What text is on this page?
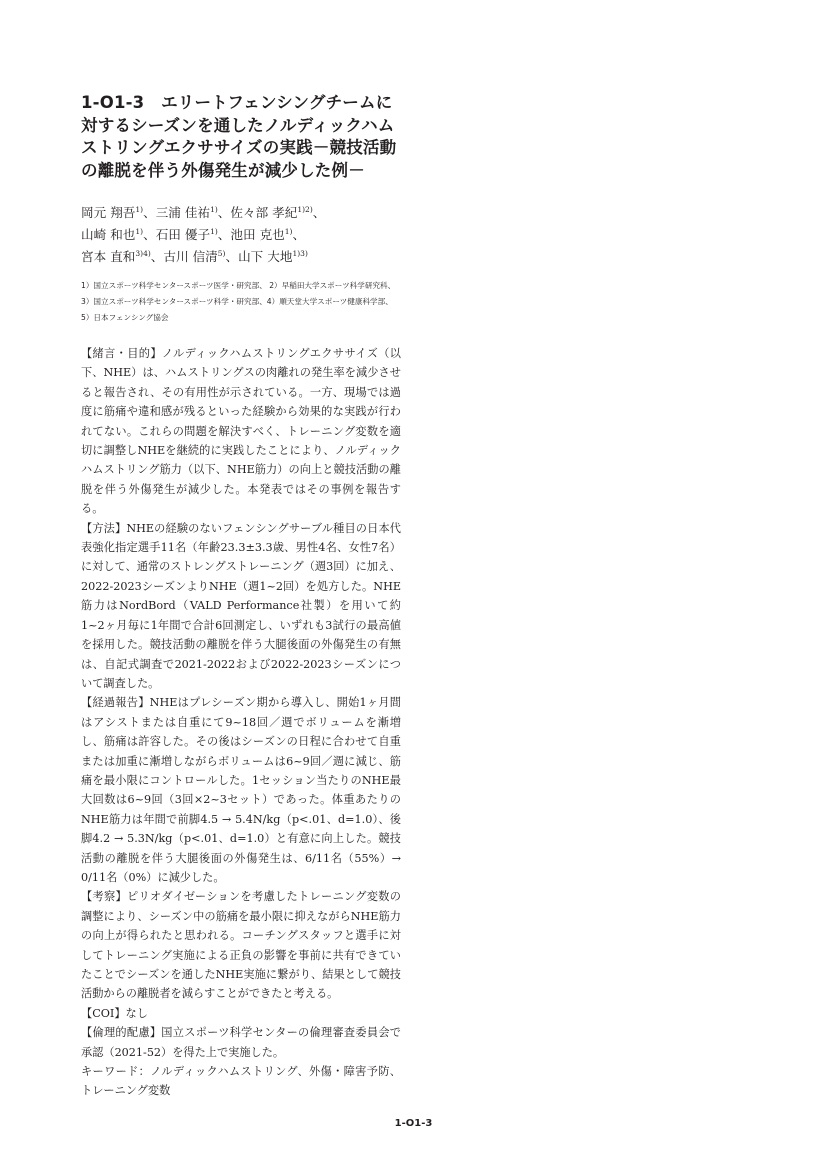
1-O1-3　エリートフェンシングチームに対するシーズンを通したノルディックハムストリングエクササイズの実践－競技活動の離脱を伴う外傷発生が減少した例－
岡元 翔吾$^{1)}$、三浦 佳祐$^{1)}$、佐々部 孝紀$^{1)2)}$、
山崎 和也$^{1)}$、石田 優子$^{1)}$、池田 克也$^{1)}$、
宮本 直和$^{3)4)}$、古川 信清$^{5)}$、山下 大地$^{1)3)}$
1）国立スポーツ科学センタースポーツ医学・研究部、 2）早稲田大学スポーツ科学研究科、3）国立スポーツ科学センタースポーツ科学・研究部、4）順天堂大学スポーツ健康科学部、5）日本フェンシング協会

【緒言・目的】ノルディックハムストリングエクササイズ（以下、NHE）は、ハムストリングスの肉離れの発生率を減少させると報告され、その有用性が示されている。一方、現場では過度に筋痛や違和感が残るといった経験から効果的な実践が行われてない。これらの問題を解決すべく、トレーニング変数を適切に調整しNHEを継続的に実践したことにより、ノルディックハムストリング筋力（以下、NHE筋力）の向上と競技活動の離脱を伴う外傷発生が減少した。本発表ではその事例を報告する。

【方法】NHEの経験のないフェンシングサーブル種目の日本代表強化指定選手11名（年齢23.3±3.3歳、男性4名、女性7名）に対して、通常のストレングストレーニング（週3回）に加え、2022-2023シーズンよりNHE（週1~2回）を処方した。NHE筋力はNordBord（VALD Performance社製）を用いて約1~2ヶ月毎に1年間で合計6回測定し、いずれも3試行の最高値を採用した。競技活動の離脱を伴う大腿後面の外傷発生の有無は、自記式調査で2021-2022および2022-2023シーズンについて調査した。

【経過報告】NHEはプレシーズン期から導入し、開始1ヶ月間はアシストまたは自重にて9~18回／週でボリュームを漸増し、筋痛は許容した。その後はシーズンの日程に合わせて自重または加重に漸増しながらボリュームは6~9回／週に減じ、筋痛を最小限にコントロールした。1セッション当たりのNHE最大回数は6~9回（3回×2~3セット）であった。体重あたりのNHE筋力は年間で前脚4.5 → 5.4N/kg（p<.01、d=1.0）、後脚4.2 → 5.3N/kg（p<.01、d=1.0）と有意に向上した。競技活動の離脱を伴う大腿後面の外傷発生は、6/11名（55%）→ 0/11名（0%）に減少した。

【考察】ピリオダイゼーションを考慮したトレーニング変数の調整により、シーズン中の筋痛を最小限に抑えながらNHE筋力の向上が得られたと思われる。コーチングスタッフと選手に対してトレーニング実施による正負の影響を事前に共有できていたことでシーズンを通したNHE実施に繋がり、結果として競技活動からの離脱者を減らすことができたと考える。

【COI】なし

【倫理的配慮】国立スポーツ科学センターの倫理審査委員会で承認（2021-52）を得た上で実施した。

キーワード：ノルディックハムストリング、外傷・障害予防、トレーニング変数

1-O1-3
